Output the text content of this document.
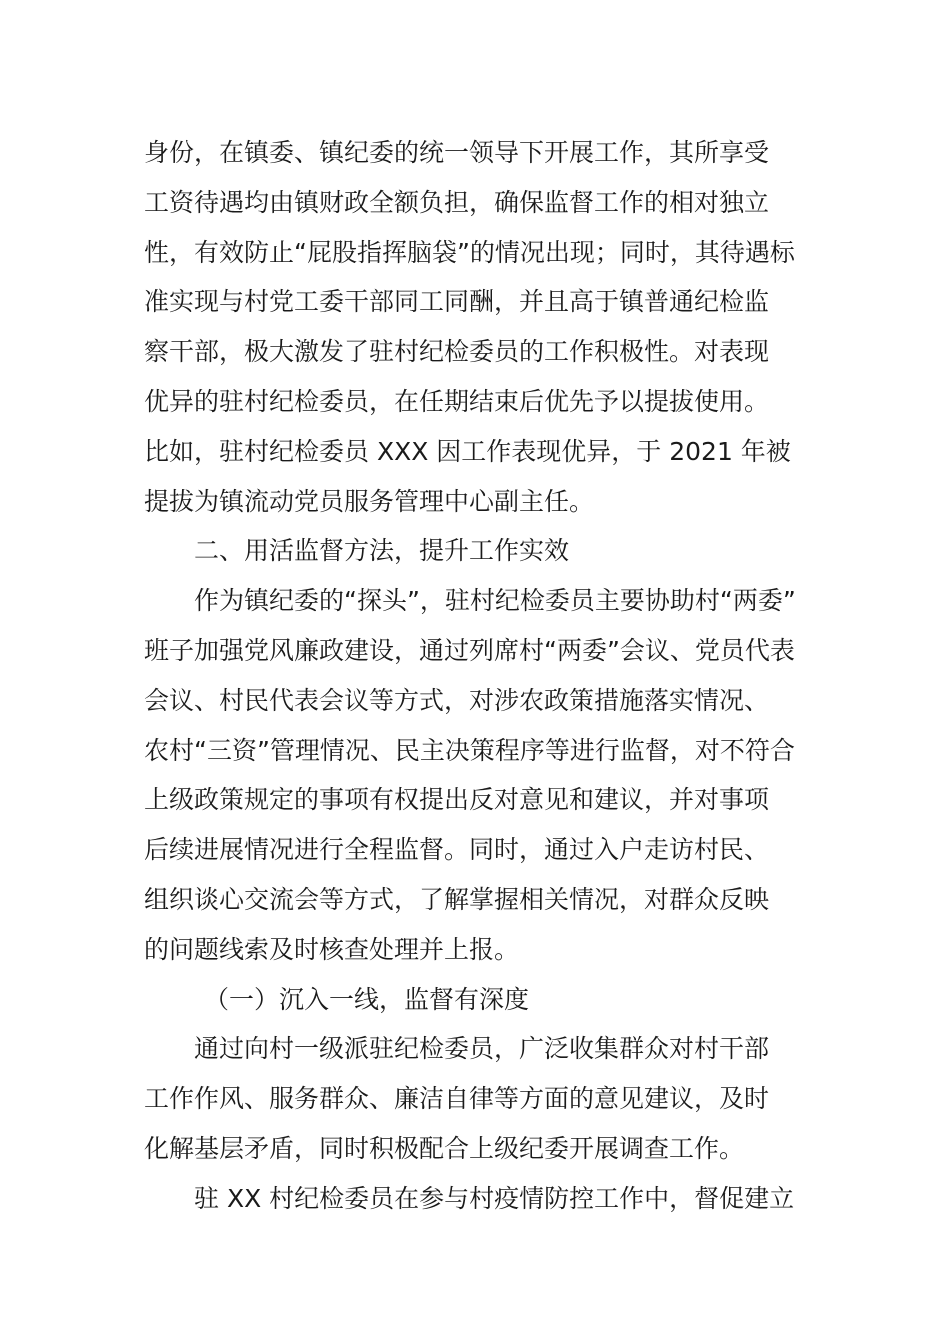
身份，在镇委、镇纪委的统一领导下开展工作，其所享受
工资待遇均由镇财政全额负担，确保监督工作的相对独立
性，有效防止“屁股指挥脑袋”的情况出现；同时，其待遇标
准实现与村党工委干部同工同酬，并且高于镇普通纪检监
察干部，极大激发了驻村纪检委员的工作积极性。对表现
优异的驻村纪检委员，在任期结束后优先予以提拔使用。
比如，驻村纪检委员 XXX 因工作表现优异，于 2021 年被
提拔为镇流动党员服务管理中心副主任。
二、用活监督方法，提升工作实效
作为镇纪委的“探头”，驻村纪检委员主要协助村“两委”
班子加强党风廉政建设，通过列席村“两委”会议、党员代表
会议、村民代表会议等方式，对涉农政策措施落实情况、
农村“三资”管理情况、民主决策程序等进行监督，对不符合
上级政策规定的事项有权提出反对意见和建议，并对事项
后续进展情况进行全程监督。同时，通过入户走访村民、
组织谈心交流会等方式，了解掌握相关情况，对群众反映
的问题线索及时核查处理并上报。
（一）沉入一线，监督有深度
通过向村一级派驻纪检委员，广泛收集群众对村干部
工作作风、服务群众、廉洁自律等方面的意见建议，及时
化解基层矛盾，同时积极配合上级纪委开展调查工作。
驻 XX 村纪检委员在参与村疫情防控工作中，督促建立
